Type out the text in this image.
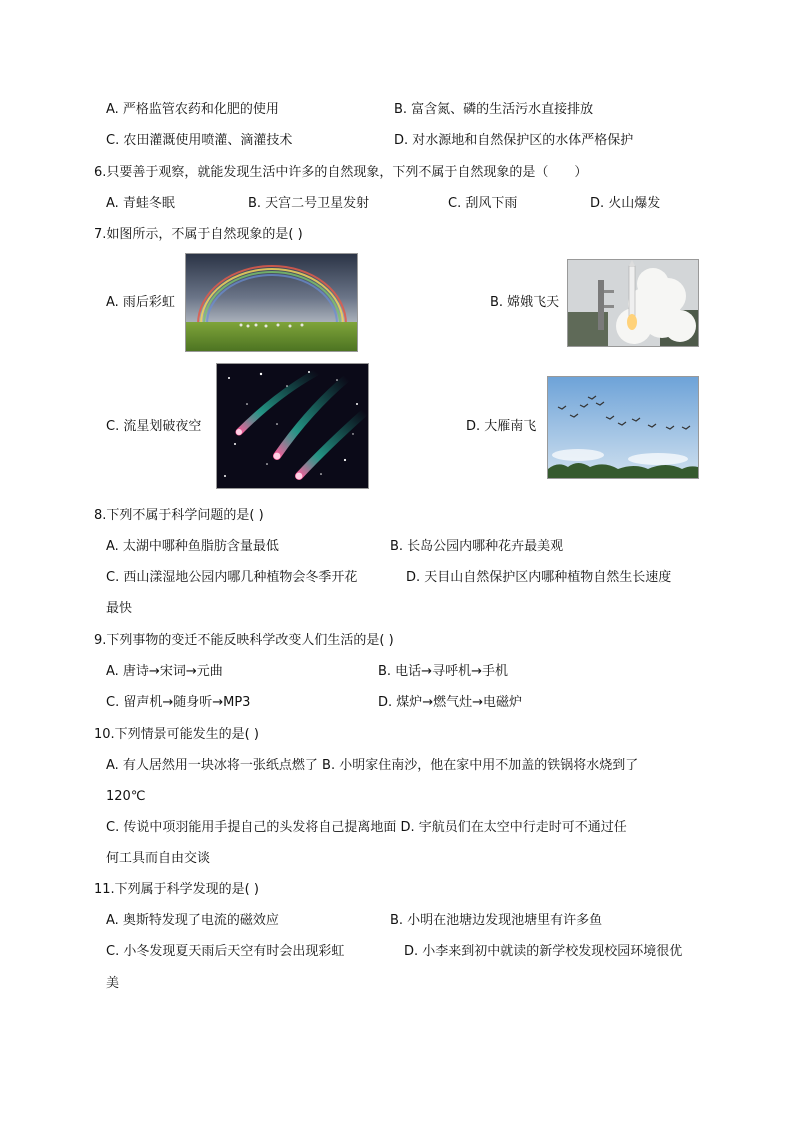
A. 严格监管农药和化肥的使用	B. 富含氮、磷的生活污水直接排放
C. 农田灌溉使用喷灌、滴灌技术	D. 对水源地和自然保护区的水体严格保护
6.只要善于观察，就能发现生活中许多的自然现象，下列不属于自然现象的是（　　）
A. 青蛙冬眠	B. 天宫二号卫星发射	C. 刮风下雨	D. 火山爆发
7.如图所示，不属于自然现象的是( )
A. 雨后彩虹	B. 嫦娥飞天
C. 流星划破夜空	D. 大雁南飞
8.下列不属于科学问题的是( )
A. 太湖中哪种鱼脂肪含量最低	B. 长岛公园内哪种花卉最美观
C. 西山漾湿地公园内哪几种植物会冬季开花	D. 天目山自然保护区内哪种植物自然生长速度
最快
9.下列事物的变迁不能反映科学改变人们生活的是( )
A. 唐诗→宋词→元曲	B. 电话→寻呼机→手机
C. 留声机→随身听→MP3	D. 煤炉→燃气灶→电磁炉
10.下列情景可能发生的是( )
A. 有人居然用一块冰将一张纸点燃了 B. 小明家住南沙，他在家中用不加盖的铁锅将水烧到了
120℃
C. 传说中项羽能用手提自己的头发将自己提离地面 D. 宇航员们在太空中行走时可不通过任
何工具而自由交谈
11.下列属于科学发现的是( )
A. 奥斯特发现了电流的磁效应	B. 小明在池塘边发现池塘里有许多鱼
C. 小冬发现夏天雨后天空有时会出现彩虹	D. 小李来到初中就读的新学校发现校园环境很优
美
